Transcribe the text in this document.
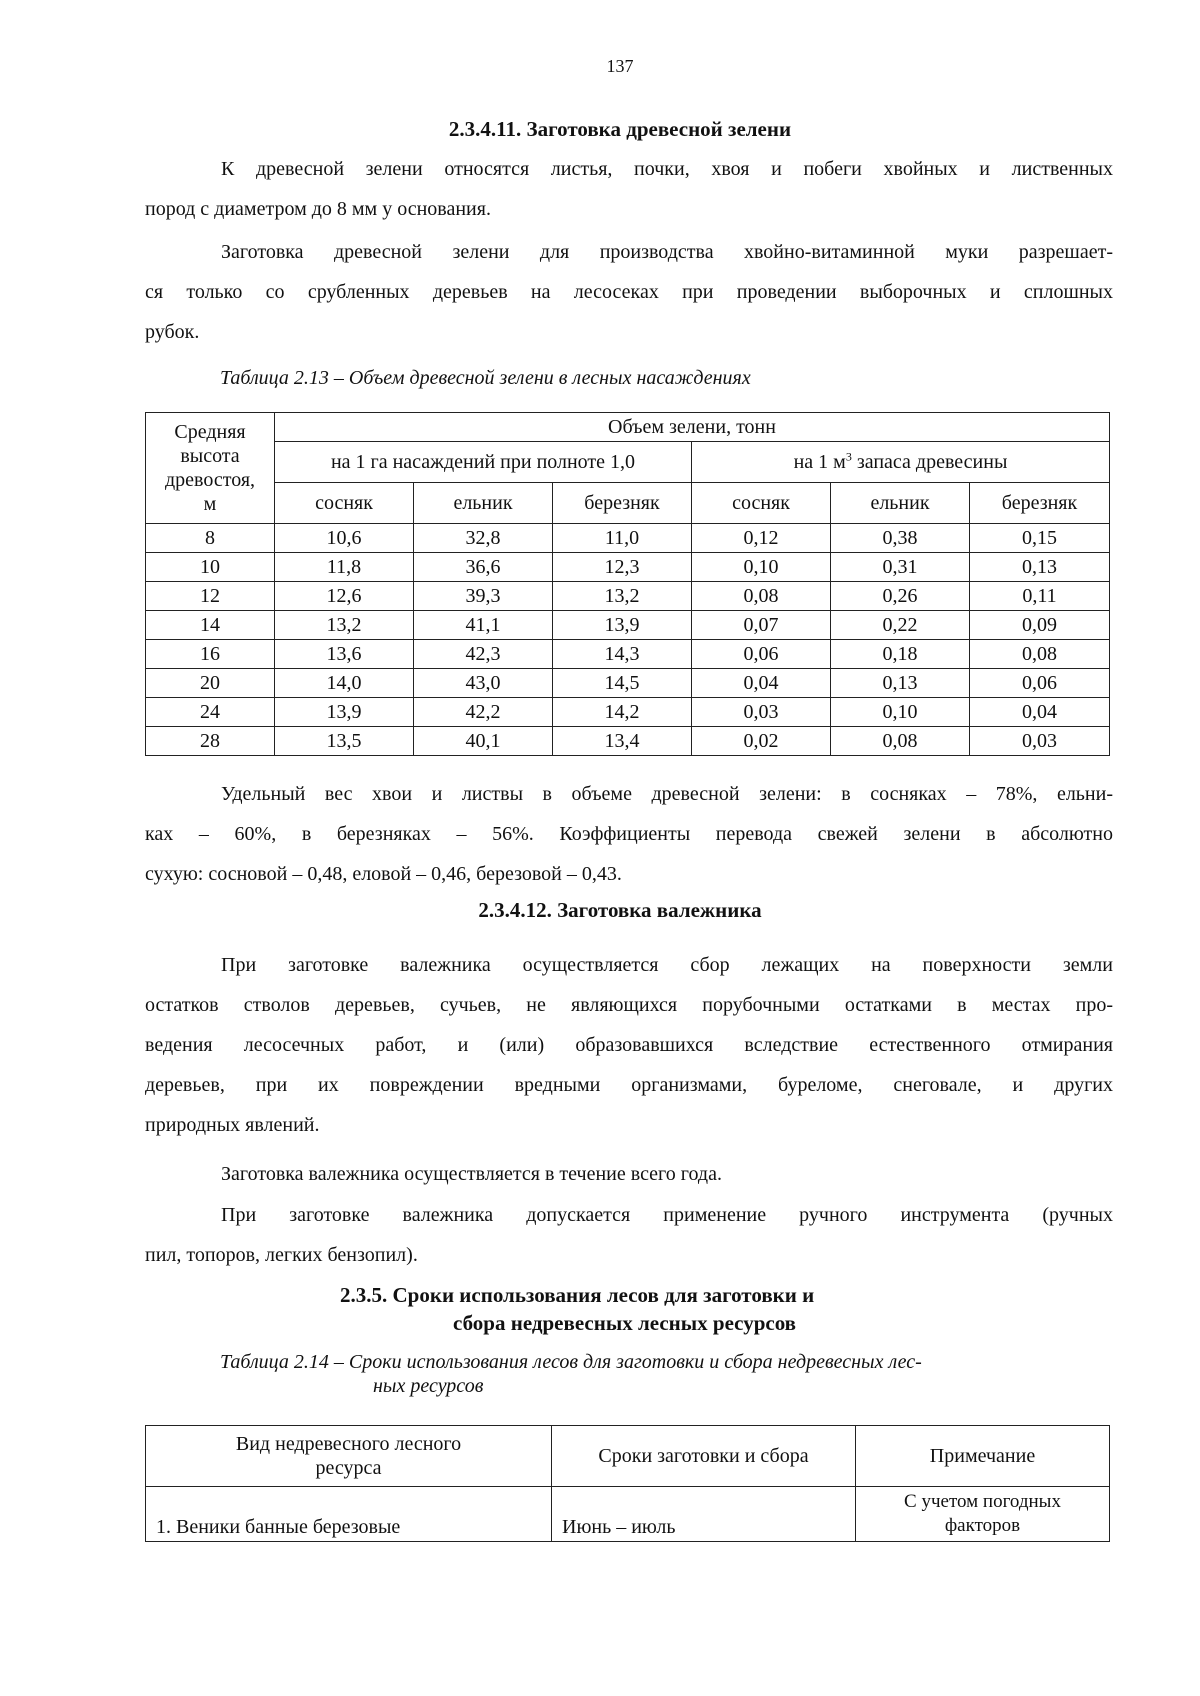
137
2.3.4.11. Заготовка древесной зелени
К древесной зелени относятся листья, почки, хвоя и побеги хвойных и лиственных
пород с диаметром до 8 мм у основания.
Заготовка древесной зелени для производства хвойно-витаминной муки разрешает-
ся только со срубленных деревьев на лесосеках при проведении выборочных и сплошных
рубок.
Таблица 2.13 – Объем древесной зелени в лесных насаждениях
Средняя
высота
древостоя,
м	Объем зелени, тонн					
	на 1 га насаждений при полноте 1,0			на 1 $м^3$ запаса древесины		
	сосняк	ельник	березняк	сосняк	ельник	березняк
8	10,6	32,8	11,0	0,12	0,38	0,15
10	11,8	36,6	12,3	0,10	0,31	0,13
12	12,6	39,3	13,2	0,08	0,26	0,11
14	13,2	41,1	13,9	0,07	0,22	0,09
16	13,6	42,3	14,3	0,06	0,18	0,08
20	14,0	43,0	14,5	0,04	0,13	0,06
24	13,9	42,2	14,2	0,03	0,10	0,04
28	13,5	40,1	13,4	0,02	0,08	0,03
Удельный вес хвои и листвы в объеме древесной зелени: в сосняках – 78%, ельни-
ках – 60%, в березняках – 56%. Коэффициенты перевода свежей зелени в абсолютно
сухую: сосновой – 0,48, еловой – 0,46, березовой – 0,43.
2.3.4.12. Заготовка валежника
При заготовке валежника осуществляется сбор лежащих на поверхности земли
остатков стволов деревьев, сучьев, не являющихся порубочными остатками в местах про-
ведения лесосечных работ, и (или) образовавшихся вследствие естественного отмирания
деревьев, при их повреждении вредными организмами, буреломе, снеговале, и других
природных явлений.
Заготовка валежника осуществляется в течение всего года.
При заготовке валежника допускается применение ручного инструмента (ручных
пил, топоров, легких бензопил).
2.3.5. Сроки использования лесов для заготовки и
сбора недревесных лесных ресурсов
Таблица 2.14 – Сроки использования лесов для заготовки и сбора недревесных лес-
ных ресурсов
Вид недревесного лесного
ресурса	Сроки заготовки и сбора	Примечание
1. Веники банные березовые	Июнь – июль	С учетом погодных
факторов
